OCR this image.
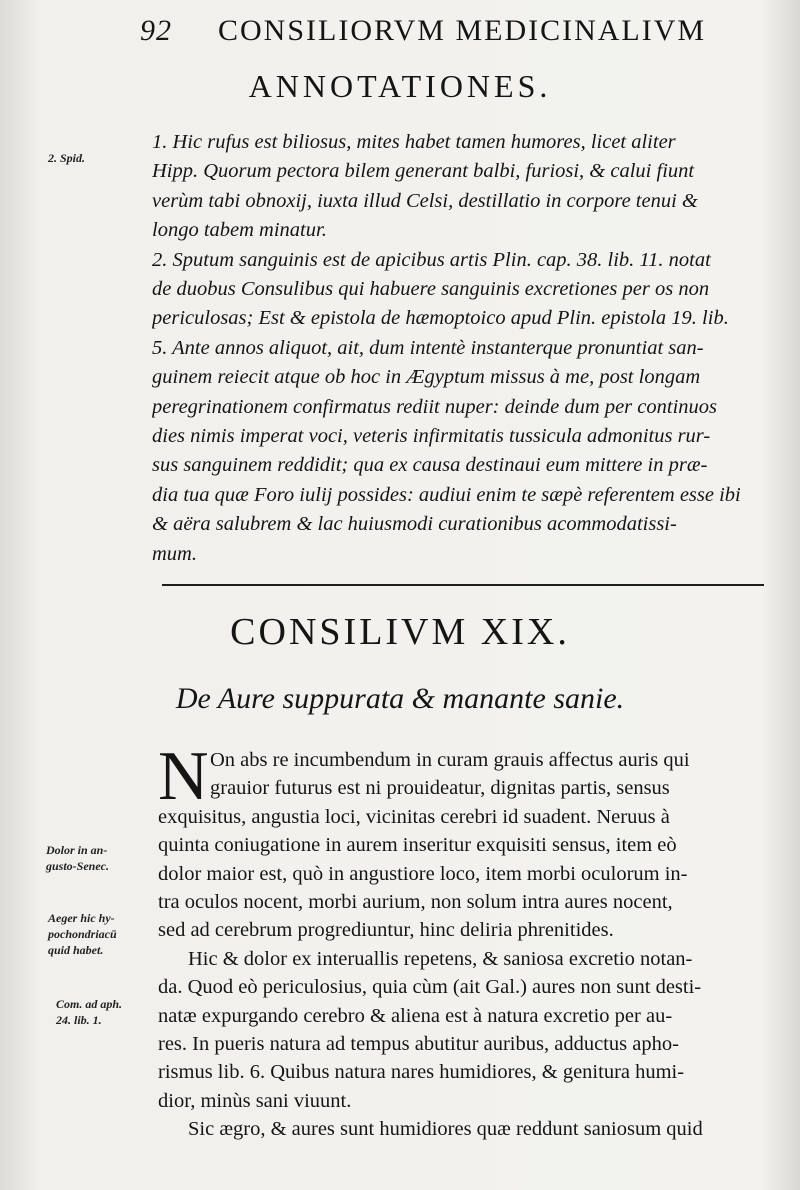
92 CONSILIORVM MEDICINALIVM
ANNOTATIONES.
2. Spid.

1. Hic rufus est biliosus, mites habet tamen humores, licet aliter

Hipp. Quorum pectora bilem generant balbi, furiosi, & calui fiunt

verùm tabi obnoxij, iuxta illud Celsi, destillatio in corpore tenui &

longo tabem minatur.

2. Sputum sanguinis est de apicibus artis Plin. cap. 38. lib. 11. notat

de duobus Consulibus qui habuere sanguinis excretiones per os non

periculosas; Est & epistola de hæmoptoico apud Plin. epistola 19. lib.

5. Ante annos aliquot, ait, dum intentè instanterque pronuntiat san-

guinem reiecit atque ob hoc in Ægyptum missus à me, post longam

peregrinationem confirmatus rediit nuper: deinde dum per continuos

dies nimis imperat voci, veteris infirmitatis tussicula admonitus rur-

sus sanguinem reddidit; qua ex causa destinaui eum mittere in præ-

dia tua quæ Foro iulij possides: audiui enim te sæpè referentem esse ibi

& aëra salubrem & lac huiusmodi curationibus acommodatissi-

mum.

CONSILIVM XIX.
De Aure suppurata & manante sanie.
N On abs re incumbendum in curam grauis affectus auris qui

grauior futurus est ni prouideatur, dignitas partis, sensus

exquisitus, angustia loci, vicinitas cerebri id suadent. Neruus à

quinta coniugatione in aurem inseritur exquisiti sensus, item eò

dolor maior est, quò in angustiore loco, item morbi oculorum in-

tra oculos nocent, morbi aurium, non solum intra aures nocent,

sed ad cerebrum progrediuntur, hinc deliria phrenitides.

Hic & dolor ex interuallis repetens, & saniosa excretio notan-

da. Quod eò periculosius, quia cùm (ait Gal.) aures non sunt desti-

natæ expurgando cerebro & aliena est à natura excretio per au-

res. In pueris natura ad tempus abutitur auribus, adductus apho-

rismus lib. 6. Quibus natura nares humidiores, & genitura humi-

dior, minùs sani viuunt.

Sic ægro, & aures sunt humidiores quæ reddunt saniosum quid

Dolor in an-
gusto-Senec.
Aeger hic hy-
pochondriacū
quid habet.
Com. ad aph.
24. lib. 1.
